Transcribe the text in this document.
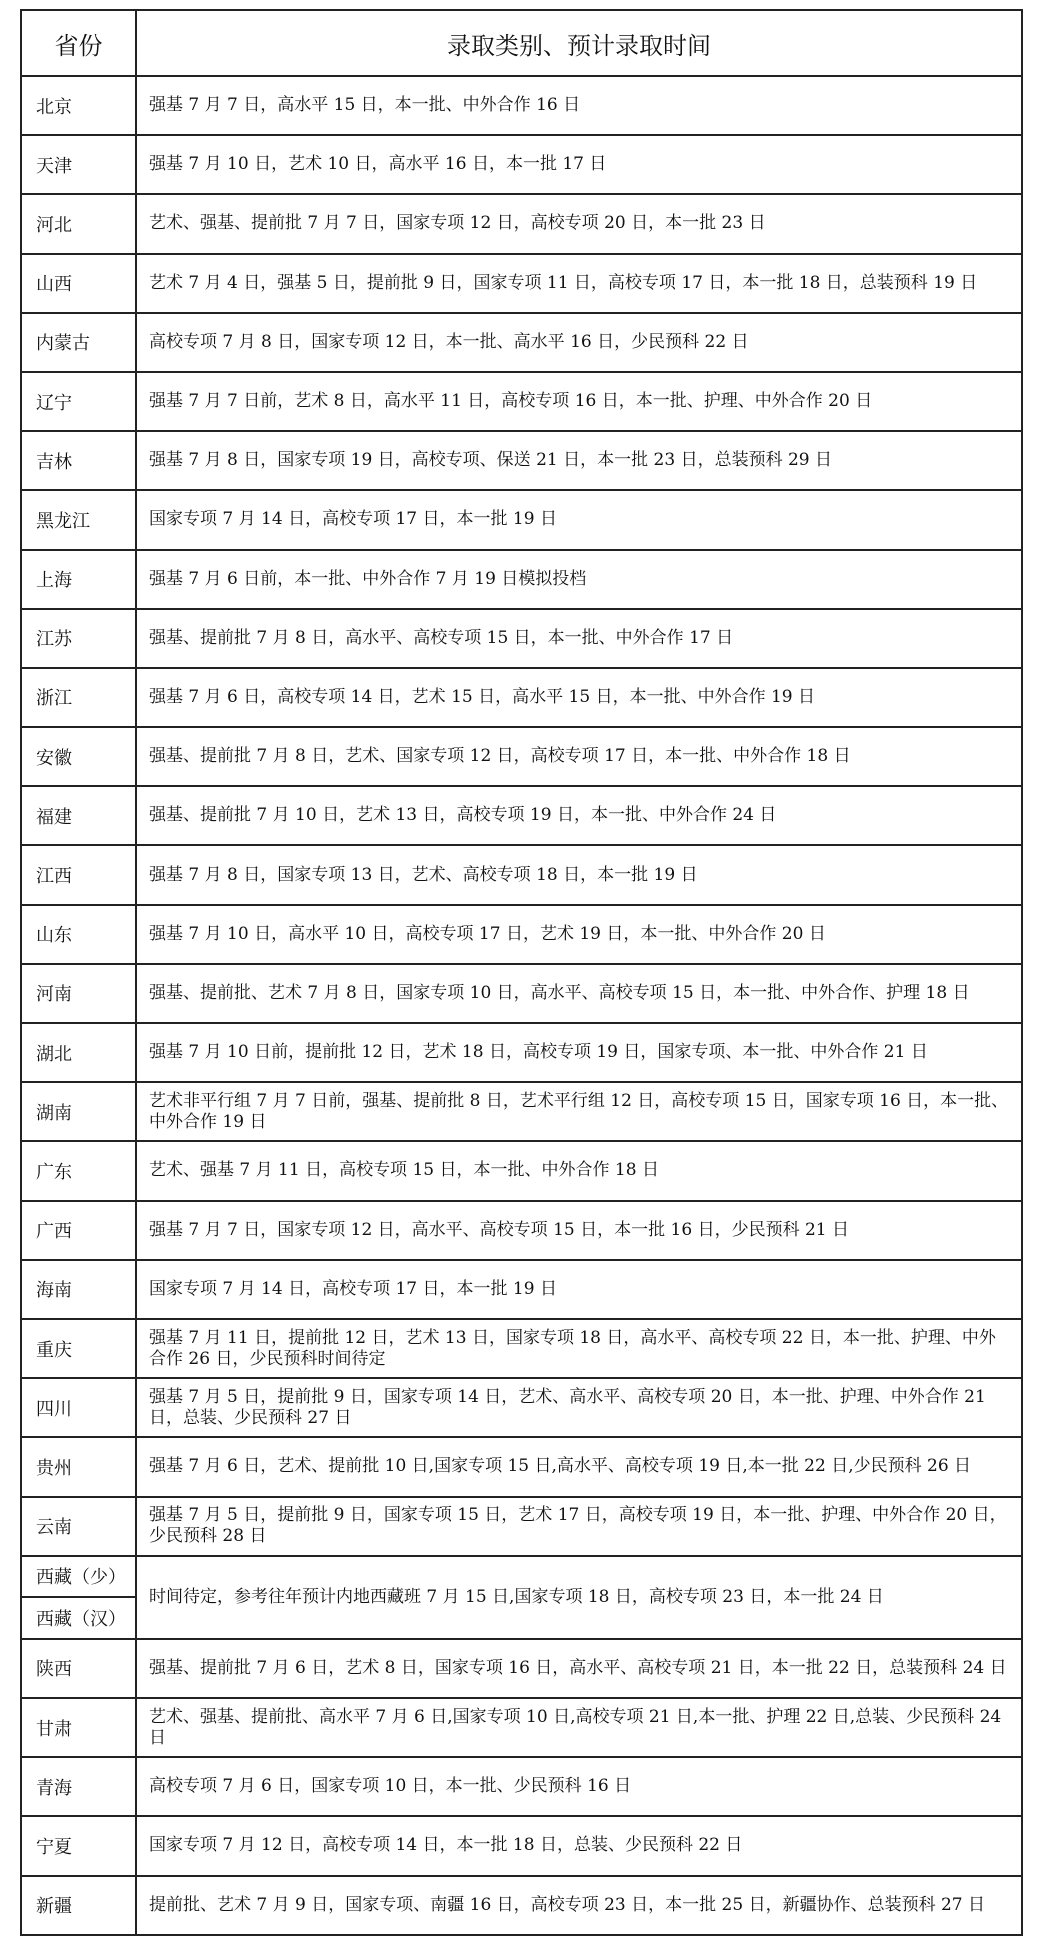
省份	录取类别、预计录取时间
北京	强基 7 月 7 日，高水平 15 日，本一批、中外合作 16 日
天津	强基 7 月 10 日，艺术 10 日，高水平 16 日，本一批 17 日
河北	艺术、强基、提前批 7 月 7 日，国家专项 12 日，高校专项 20 日，本一批 23 日
山西	艺术 7 月 4 日，强基 5 日，提前批 9 日，国家专项 11 日，高校专项 17 日，本一批 18 日，总装预科 19 日
内蒙古	高校专项 7 月 8 日，国家专项 12 日，本一批、高水平 16 日，少民预科 22 日
辽宁	强基 7 月 7 日前，艺术 8 日，高水平 11 日，高校专项 16 日，本一批、护理、中外合作 20 日
吉林	强基 7 月 8 日，国家专项 19 日，高校专项、保送 21 日，本一批 23 日，总装预科 29 日
黑龙江	国家专项 7 月 14 日，高校专项 17 日，本一批 19 日
上海	强基 7 月 6 日前，本一批、中外合作 7 月 19 日模拟投档
江苏	强基、提前批 7 月 8 日，高水平、高校专项 15 日，本一批、中外合作 17 日
浙江	强基 7 月 6 日，高校专项 14 日，艺术 15 日，高水平 15 日，本一批、中外合作 19 日
安徽	强基、提前批 7 月 8 日，艺术、国家专项 12 日，高校专项 17 日，本一批、中外合作 18 日
福建	强基、提前批 7 月 10 日，艺术 13 日，高校专项 19 日，本一批、中外合作 24 日
江西	强基 7 月 8 日，国家专项 13 日，艺术、高校专项 18 日，本一批 19 日
山东	强基 7 月 10 日，高水平 10 日，高校专项 17 日，艺术 19 日，本一批、中外合作 20 日
河南	强基、提前批、艺术 7 月 8 日，国家专项 10 日，高水平、高校专项 15 日，本一批、中外合作、护理 18 日
湖北	强基 7 月 10 日前，提前批 12 日，艺术 18 日，高校专项 19 日，国家专项、本一批、中外合作 21 日
湖南	艺术非平行组 7 月 7 日前，强基、提前批 8 日，艺术平行组 12 日，高校专项 15 日，国家专项 16 日，本一批、中外合作 19 日
广东	艺术、强基 7 月 11 日，高校专项 15 日，本一批、中外合作 18 日
广西	强基 7 月 7 日，国家专项 12 日，高水平、高校专项 15 日，本一批 16 日，少民预科 21 日
海南	国家专项 7 月 14 日，高校专项 17 日，本一批 19 日
重庆	强基 7 月 11 日，提前批 12 日，艺术 13 日，国家专项 18 日，高水平、高校专项 22 日，本一批、护理、中外合作 26 日，少民预科时间待定
四川	强基 7 月 5 日，提前批 9 日，国家专项 14 日，艺术、高水平、高校专项 20 日，本一批、护理、中外合作 21 日，总装、少民预科 27 日
贵州	强基 7 月 6 日，艺术、提前批 10 日,国家专项 15 日,高水平、高校专项 19 日,本一批 22 日,少民预科 26 日
云南	强基 7 月 5 日，提前批 9 日，国家专项 15 日，艺术 17 日，高校专项 19 日，本一批、护理、中外合作 20 日，少民预科 28 日
西藏（少）	时间待定，参考往年预计内地西藏班 7 月 15 日,国家专项 18 日，高校专项 23 日，本一批 24 日
西藏（汉）	
陕西	强基、提前批 7 月 6 日，艺术 8 日，国家专项 16 日，高水平、高校专项 21 日，本一批 22 日，总装预科 24 日
甘肃	艺术、强基、提前批、高水平 7 月 6 日,国家专项 10 日,高校专项 21 日,本一批、护理 22 日,总装、少民预科 24 日
青海	高校专项 7 月 6 日，国家专项 10 日，本一批、少民预科 16 日
宁夏	国家专项 7 月 12 日，高校专项 14 日，本一批 18 日，总装、少民预科 22 日
新疆	提前批、艺术 7 月 9 日，国家专项、南疆 16 日，高校专项 23 日，本一批 25 日，新疆协作、总装预科 27 日
